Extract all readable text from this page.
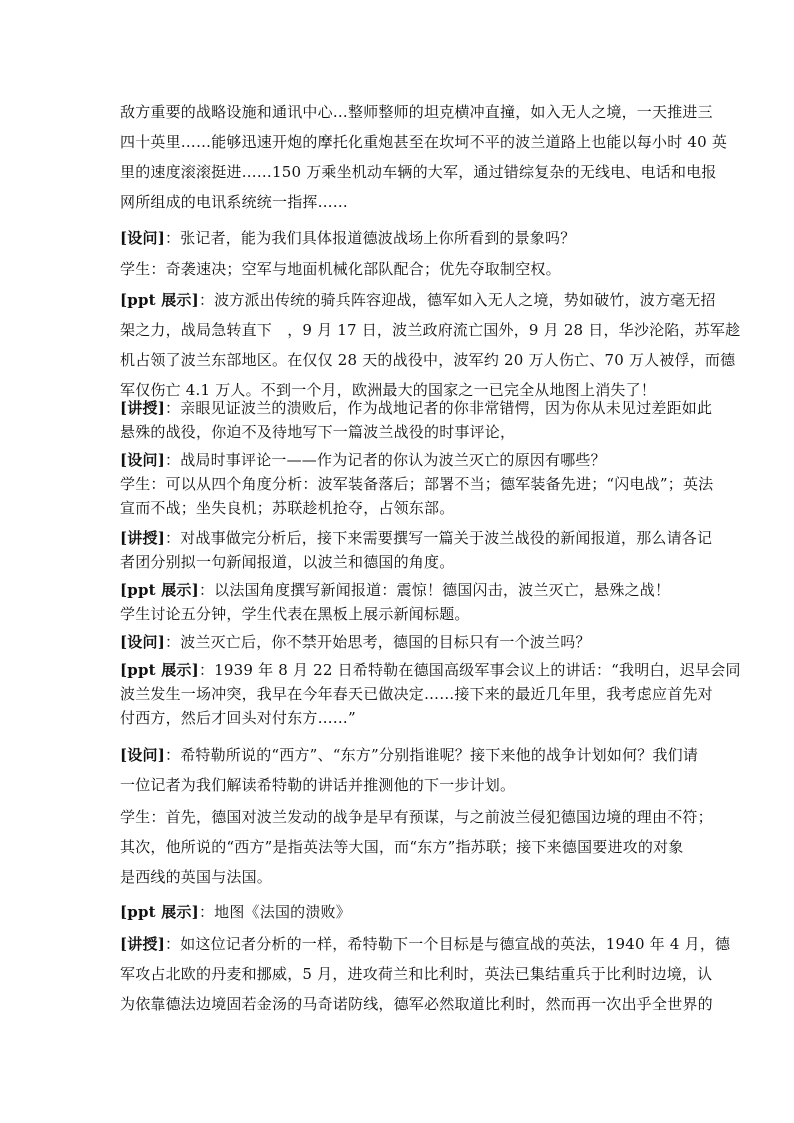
敌方重要的战略设施和通讯中心…整师整师的坦克横冲直撞，如入无人之境，一天推进三
四十英里……能够迅速开炮的摩托化重炮甚至在坎坷不平的波兰道路上也能以每小时 40 英
里的速度滚滚挺进……150 万乘坐机动车辆的大军，通过错综复杂的无线电、电话和电报
网所组成的电讯系统统一指挥……
[设问]：张记者，能为我们具体报道德波战场上你所看到的景象吗？
学生：奇袭速决；空军与地面机械化部队配合；优先夺取制空权。
[ppt 展示]：波方派出传统的骑兵阵容迎战，德军如入无人之境，势如破竹，波方毫无招
架之力，战局急转直下　，9 月 17 日，波兰政府流亡国外，9 月 28 日，华沙沦陷，苏军趁
机占领了波兰东部地区。在仅仅 28 天的战役中，波军约 20 万人伤亡、70 万人被俘，而德
军仅伤亡 4.1 万人。不到一个月，欧洲最大的国家之一已完全从地图上消失了！
[讲授]：亲眼见证波兰的溃败后，作为战地记者的你非常错愕，因为你从未见过差距如此
悬殊的战役，你迫不及待地写下一篇波兰战役的时事评论，
[设问]：战局时事评论一——作为记者的你认为波兰灭亡的原因有哪些？
学生：可以从四个角度分析：波军装备落后；部署不当；德军装备先进；“闪电战”；英法
宣而不战；坐失良机；苏联趁机抢夺，占领东部。
[讲授]：对战事做完分析后，接下来需要撰写一篇关于波兰战役的新闻报道，那么请各记
者团分别拟一句新闻报道，以波兰和德国的角度。
[ppt 展示]：以法国角度撰写新闻报道：震惊！德国闪击，波兰灭亡，悬殊之战！
学生讨论五分钟，学生代表在黑板上展示新闻标题。
[设问]：波兰灭亡后，你不禁开始思考，德国的目标只有一个波兰吗？
[ppt 展示]：1939 年 8 月 22 日希特勒在德国高级军事会议上的讲话：“我明白，迟早会同
波兰发生一场冲突，我早在今年春天已做决定……接下来的最近几年里，我考虑应首先对
付西方，然后才回头对付东方……”
[设问]：希特勒所说的“西方”、“东方”分别指谁呢？接下来他的战争计划如何？我们请
一位记者为我们解读希特勒的讲话并推测他的下一步计划。
学生：首先，德国对波兰发动的战争是早有预谋，与之前波兰侵犯德国边境的理由不符；
其次，他所说的“西方”是指英法等大国，而“东方”指苏联；接下来德国要进攻的对象
是西线的英国与法国。
[ppt 展示]：地图《法国的溃败》
[讲授]：如这位记者分析的一样，希特勒下一个目标是与德宣战的英法，1940 年 4 月，德
军攻占北欧的丹麦和挪威，5 月，进攻荷兰和比利时，英法已集结重兵于比利时边境，认
为依靠德法边境固若金汤的马奇诺防线，德军必然取道比利时，然而再一次出乎全世界的
